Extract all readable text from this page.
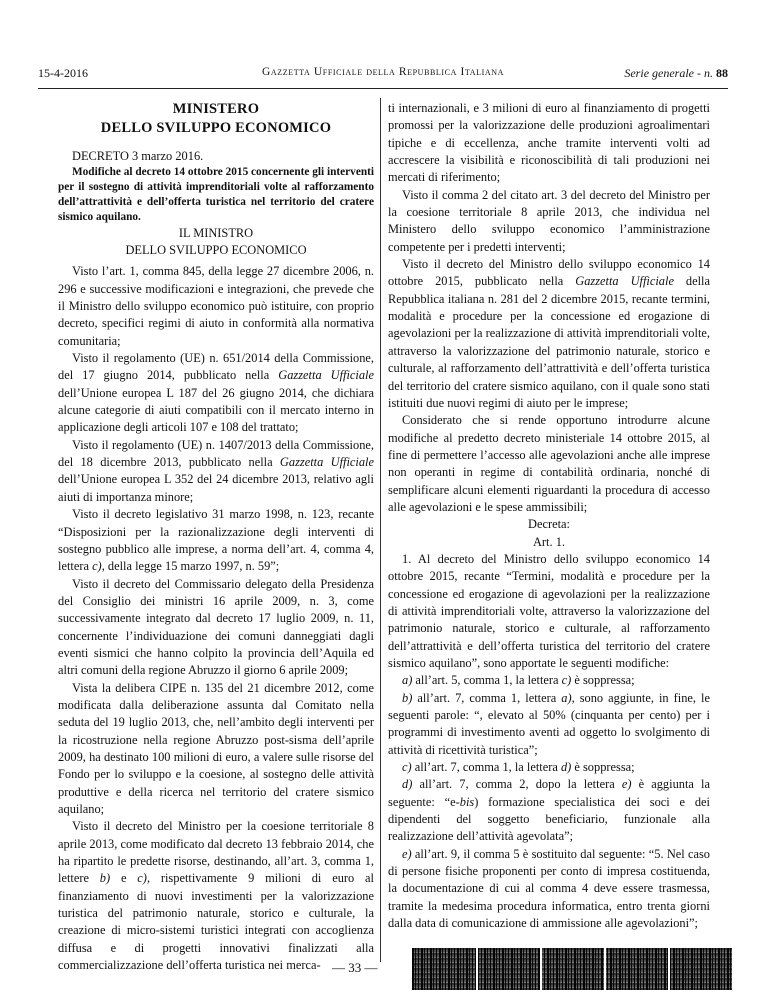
15-4-2016	Gazzetta Ufficiale della Repubblica Italiana	Serie generale - n. 88
MINISTERO
DELLO SVILUPPO ECONOMICO

DECRETO 3 marzo 2016.

Modifiche al decreto 14 ottobre 2015 concernente gli interventi per il sostegno di attività imprenditoriali volte al rafforzamento dell’attrattività e dell’offerta turistica nel territorio del cratere sismico aquilano.

IL MINISTRO
DELLO SVILUPPO ECONOMICO

Visto l’art. 1, comma 845, della legge 27 dicembre 2006, n. 296 e successive modificazioni e integrazioni, che prevede che il Ministro dello sviluppo economico può istituire, con proprio decreto, specifici regimi di aiuto in conformità alla normativa comunitaria;

Visto il regolamento (UE) n. 651/2014 della Commissione, del 17 giugno 2014, pubblicato nella Gazzetta Ufficiale dell’Unione europea L 187 del 26 giugno 2014, che dichiara alcune categorie di aiuti compatibili con il mercato interno in applicazione degli articoli 107 e 108 del trattato;

Visto il regolamento (UE) n. 1407/2013 della Commissione, del 18 dicembre 2013, pubblicato nella Gazzetta Ufficiale dell’Unione europea L 352 del 24 dicembre 2013, relativo agli aiuti di importanza minore;

Visto il decreto legislativo 31 marzo 1998, n. 123, recante “Disposizioni per la razionalizzazione degli interventi di sostegno pubblico alle imprese, a norma dell’art. 4, comma 4, lettera c), della legge 15 marzo 1997, n. 59”;

Visto il decreto del Commissario delegato della Presidenza del Consiglio dei ministri 16 aprile 2009, n. 3, come successivamente integrato dal decreto 17 luglio 2009, n. 11, concernente l’individuazione dei comuni danneggiati dagli eventi sismici che hanno colpito la provincia dell’Aquila ed altri comuni della regione Abruzzo il giorno 6 aprile 2009;

Vista la delibera CIPE n. 135 del 21 dicembre 2012, come modificata dalla deliberazione assunta dal Comitato nella seduta del 19 luglio 2013, che, nell’ambito degli interventi per la ricostruzione nella regione Abruzzo post-sisma dell’aprile 2009, ha destinato 100 milioni di euro, a valere sulle risorse del Fondo per lo sviluppo e la coesione, al sostegno delle attività produttive e della ricerca nel territorio del cratere sismico aquilano;

Visto il decreto del Ministro per la coesione territoriale 8 aprile 2013, come modificato dal decreto 13 febbraio 2014, che ha ripartito le predette risorse, destinando, all’art. 3, comma 1, lettere b) e c), rispettivamente 9 milioni di euro al finanziamento di nuovi investimenti per la valorizzazione turistica del patrimonio naturale, storico e culturale, la creazione di micro-sistemi turistici integrati con accoglienza diffusa e di progetti innovativi finalizzati alla commercializzazione dell’offerta turistica nei merca-

ti internazionali, e 3 milioni di euro al finanziamento di progetti promossi per la valorizzazione delle produzioni agroalimentari tipiche e di eccellenza, anche tramite interventi volti ad accrescere la visibilità e riconoscibilità di tali produzioni nei mercati di riferimento;

Visto il comma 2 del citato art. 3 del decreto del Ministro per la coesione territoriale 8 aprile 2013, che individua nel Ministero dello sviluppo economico l’amministrazione competente per i predetti interventi;

Visto il decreto del Ministro dello sviluppo economico 14 ottobre 2015, pubblicato nella Gazzetta Ufficiale della Repubblica italiana n. 281 del 2 dicembre 2015, recante termini, modalità e procedure per la concessione ed erogazione di agevolazioni per la realizzazione di attività imprenditoriali volte, attraverso la valorizzazione del patrimonio naturale, storico e culturale, al rafforzamento dell’attrattività e dell’offerta turistica del territorio del cratere sismico aquilano, con il quale sono stati istituiti due nuovi regimi di aiuto per le imprese;

Considerato che si rende opportuno introdurre alcune modifiche al predetto decreto ministeriale 14 ottobre 2015, al fine di permettere l’accesso alle agevolazioni anche alle imprese non operanti in regime di contabilità ordinaria, nonché di semplificare alcuni elementi riguardanti la procedura di accesso alle agevolazioni e le spese ammissibili;

Decreta:

Art. 1.

1. Al decreto del Ministro dello sviluppo economico 14 ottobre 2015, recante “Termini, modalità e procedure per la concessione ed erogazione di agevolazioni per la realizzazione di attività imprenditoriali volte, attraverso la valorizzazione del patrimonio naturale, storico e culturale, al rafforzamento dell’attrattività e dell’offerta turistica del territorio del cratere sismico aquilano”, sono apportate le seguenti modifiche:

a) all’art. 5, comma 1, la lettera c) è soppressa;

b) all’art. 7, comma 1, lettera a), sono aggiunte, in fine, le seguenti parole: “, elevato al 50% (cinquanta per cento) per i programmi di investimento aventi ad oggetto lo svolgimento di attività di ricettività turistica”;

c) all’art. 7, comma 1, la lettera d) è soppressa;

d) all’art. 7, comma 2, dopo la lettera e) è aggiunta la seguente: “e-bis) formazione specialistica dei soci e dei dipendenti del soggetto beneficiario, funzionale alla realizzazione dell’attività agevolata”;

e) all’art. 9, il comma 5 è sostituito dal seguente: “5. Nel caso di persone fisiche proponenti per conto di impresa costituenda, la documentazione di cui al comma 4 deve essere trasmessa, tramite la medesima procedura informatica, entro trenta giorni dalla data di comunicazione di ammissione alle agevolazioni”;

— 33 —
